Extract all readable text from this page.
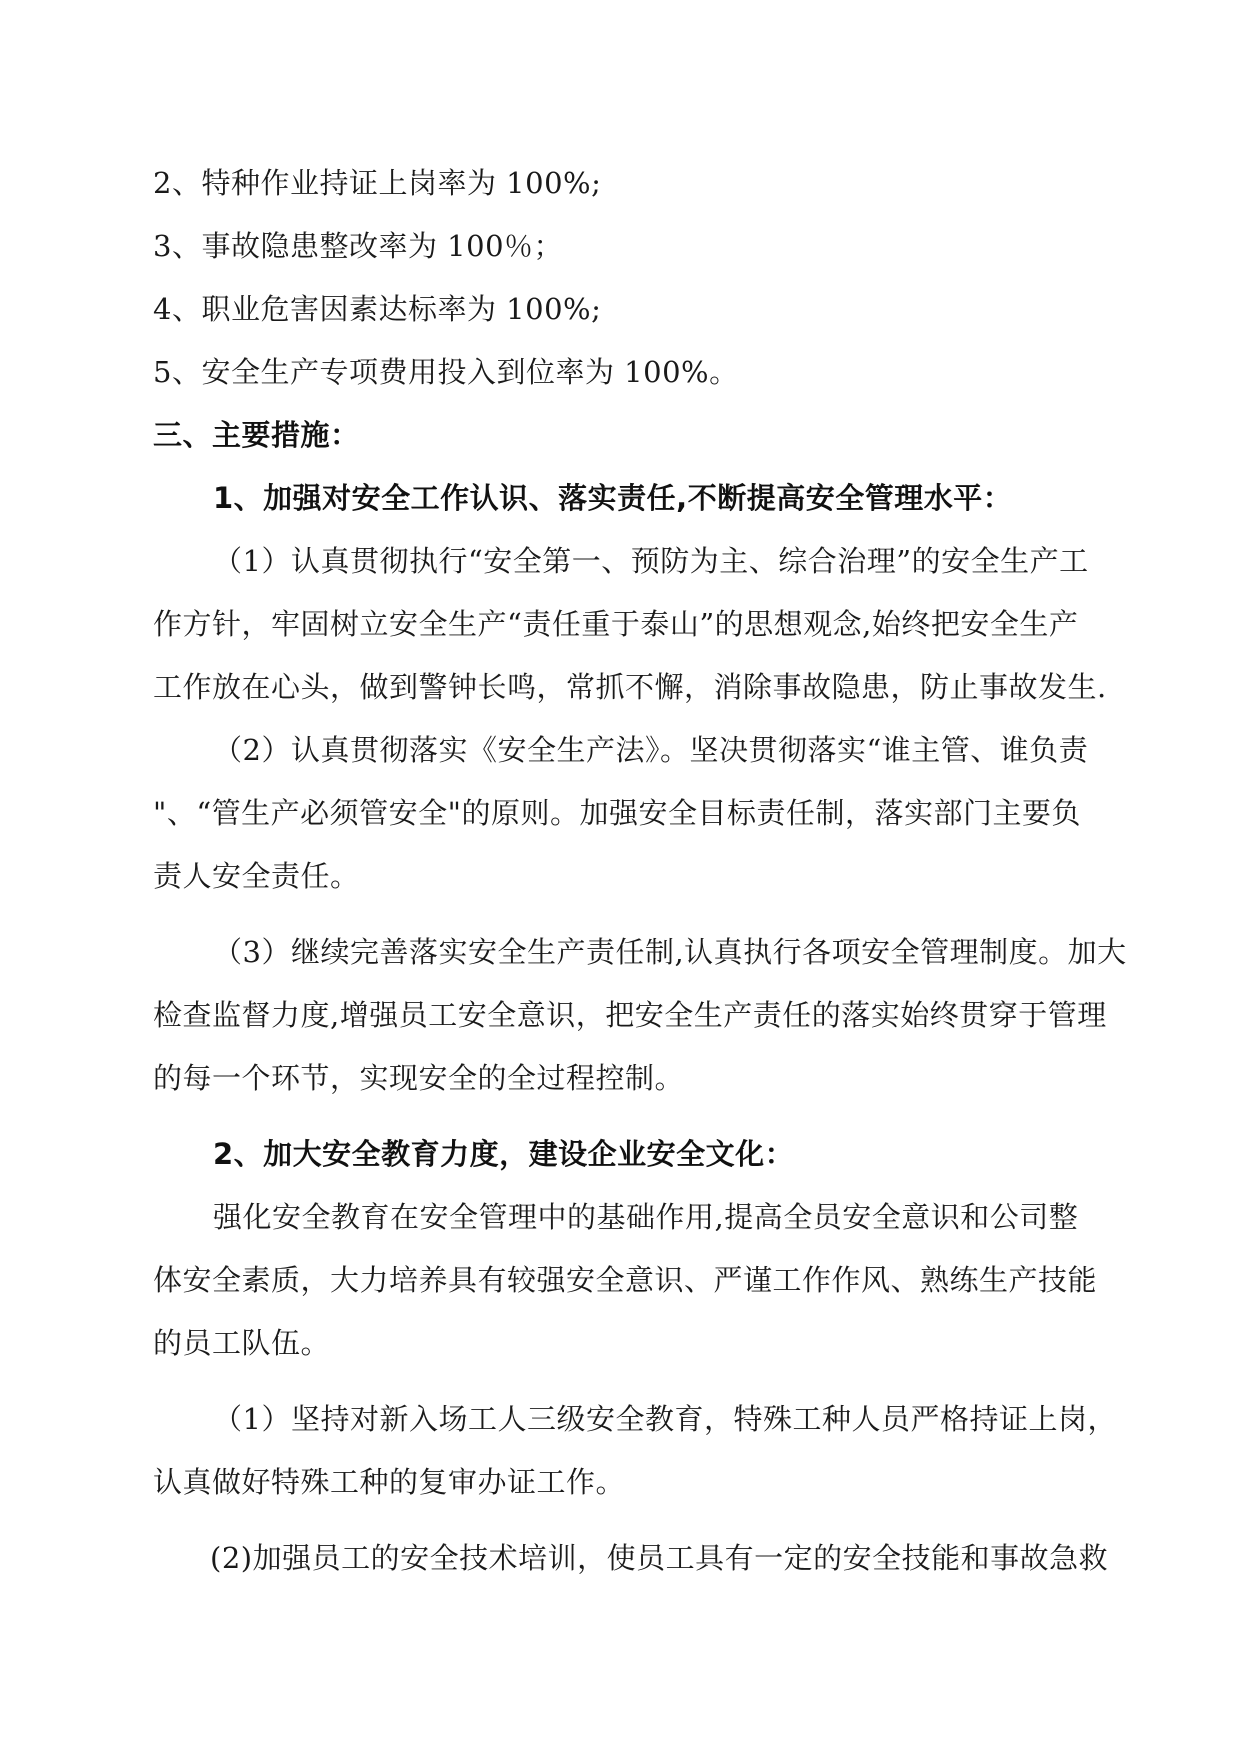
2、特种作业持证上岗率为 100%;
3、事故隐患整改率为 100％；
4、职业危害因素达标率为 100%;
5、安全生产专项费用投入到位率为 100%。
三、主要措施：
1、加强对安全工作认识、落实责任,不断提高安全管理水平：
（1）认真贯彻执行“安全第一、预防为主、综合治理”的安全生产工
作方针，牢固树立安全生产“责任重于泰山”的思想观念,始终把安全生产
工作放在心头，做到警钟长鸣，常抓不懈，消除事故隐患，防止事故发生.
（2）认真贯彻落实《安全生产法》。坚决贯彻落实“谁主管、谁负责
"、“管生产必须管安全"的原则。加强安全目标责任制，落实部门主要负
责人安全责任。
（3）继续完善落实安全生产责任制,认真执行各项安全管理制度。加大
检查监督力度,增强员工安全意识，把安全生产责任的落实始终贯穿于管理
的每一个环节，实现安全的全过程控制。
2、加大安全教育力度，建设企业安全文化：
强化安全教育在安全管理中的基础作用,提高全员安全意识和公司整
体安全素质，大力培养具有较强安全意识、严谨工作作风、熟练生产技能
的员工队伍。
（1）坚持对新入场工人三级安全教育，特殊工种人员严格持证上岗，
认真做好特殊工种的复审办证工作。
(2)加强员工的安全技术培训，使员工具有一定的安全技能和事故急救
